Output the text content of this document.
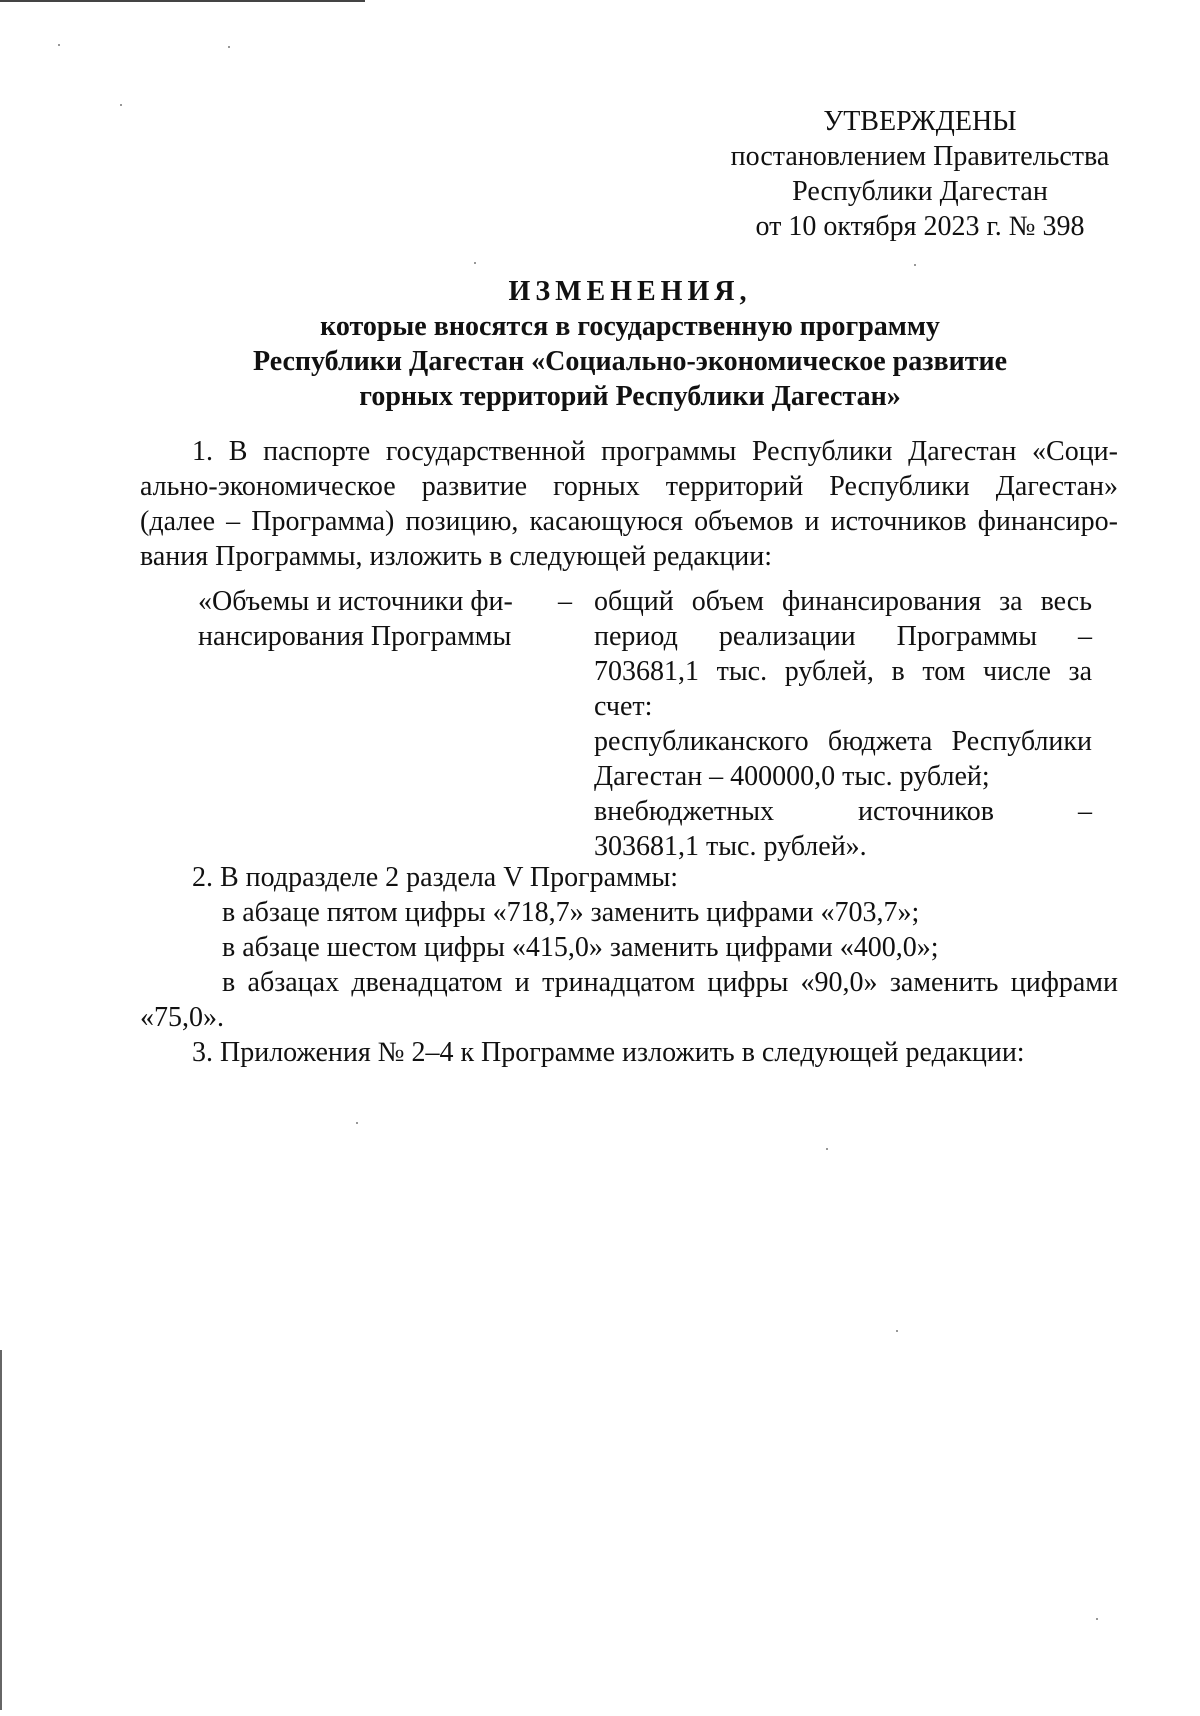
УТВЕРЖДЕНЫ
постановлением Правительства
Республики Дагестан
от 10 октября 2023 г. № 398
ИЗМЕНЕНИЯ,
которые вносятся в государственную программу
Республики Дагестан «Социально-экономическое развитие
горных территорий Республики Дагестан»
1. В паспорте государственной программы Республики Дагестан «Соци-
ально-экономическое развитие горных территорий Республики Дагестан»
(далее – Программа) позицию, касающуюся объемов и источников финансиро-
вания Программы, изложить в следующей редакции:
«Объемы и источники фи-
нансирования Программы
– общий объем финансирования за весь
период реализации Программы –
703681,1 тыс. рублей, в том числе за
счет:
республиканского бюджета Республики
Дагестан – 400000,0 тыс. рублей;
внебюджетных источников –
303681,1 тыс. рублей».
2. В подразделе 2 раздела V Программы:
в абзаце пятом цифры «718,7» заменить цифрами «703,7»;
в абзаце шестом цифры «415,0» заменить цифрами «400,0»;
в абзацах двенадцатом и тринадцатом цифры «90,0» заменить цифрами
«75,0».
3. Приложения № 2–4 к Программе изложить в следующей редакции:
